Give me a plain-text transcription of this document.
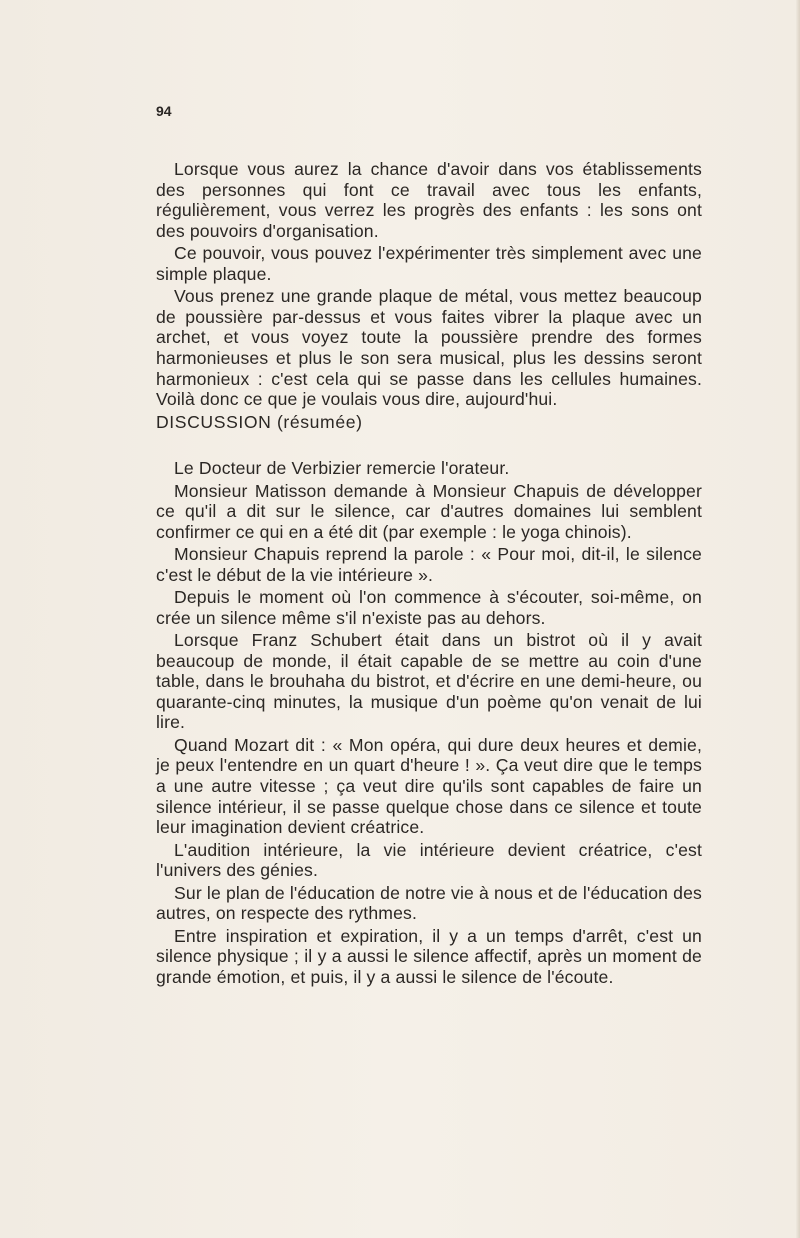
94

Lorsque vous aurez la chance d'avoir dans vos établissements des personnes qui font ce travail avec tous les enfants, régulièrement, vous verrez les progrès des enfants : les sons ont des pouvoirs d'organisation.

Ce pouvoir, vous pouvez l'expérimenter très simplement avec une simple plaque.

Vous prenez une grande plaque de métal, vous mettez beaucoup de poussière par-dessus et vous faites vibrer la plaque avec un archet, et vous voyez toute la poussière prendre des formes harmonieuses et plus le son sera musical, plus les dessins seront harmonieux : c'est cela qui se passe dans les cellules humaines. Voilà donc ce que je voulais vous dire, aujourd'hui.

DISCUSSION (résumée)

Le Docteur de Verbizier remercie l'orateur.

Monsieur Matisson demande à Monsieur Chapuis de développer ce qu'il a dit sur le silence, car d'autres domaines lui semblent confirmer ce qui en a été dit (par exemple : le yoga chinois).

Monsieur Chapuis reprend la parole : « Pour moi, dit-il, le silence c'est le début de la vie intérieure ».

Depuis le moment où l'on commence à s'écouter, soi-même, on crée un silence même s'il n'existe pas au dehors.

Lorsque Franz Schubert était dans un bistrot où il y avait beaucoup de monde, il était capable de se mettre au coin d'une table, dans le brouhaha du bistrot, et d'écrire en une demi-heure, ou quarante-cinq minutes, la musique d'un poème qu'on venait de lui lire.

Quand Mozart dit : « Mon opéra, qui dure deux heures et demie, je peux l'entendre en un quart d'heure ! ». Ça veut dire que le temps a une autre vitesse ; ça veut dire qu'ils sont capables de faire un silence intérieur, il se passe quelque chose dans ce silence et toute leur imagination devient créatrice.

L'audition intérieure, la vie intérieure devient créatrice, c'est l'univers des génies.

Sur le plan de l'éducation de notre vie à nous et de l'éducation des autres, on respecte des rythmes.

Entre inspiration et expiration, il y a un temps d'arrêt, c'est un silence physique ; il y a aussi le silence affectif, après un moment de grande émotion, et puis, il y a aussi le silence de l'écoute.
